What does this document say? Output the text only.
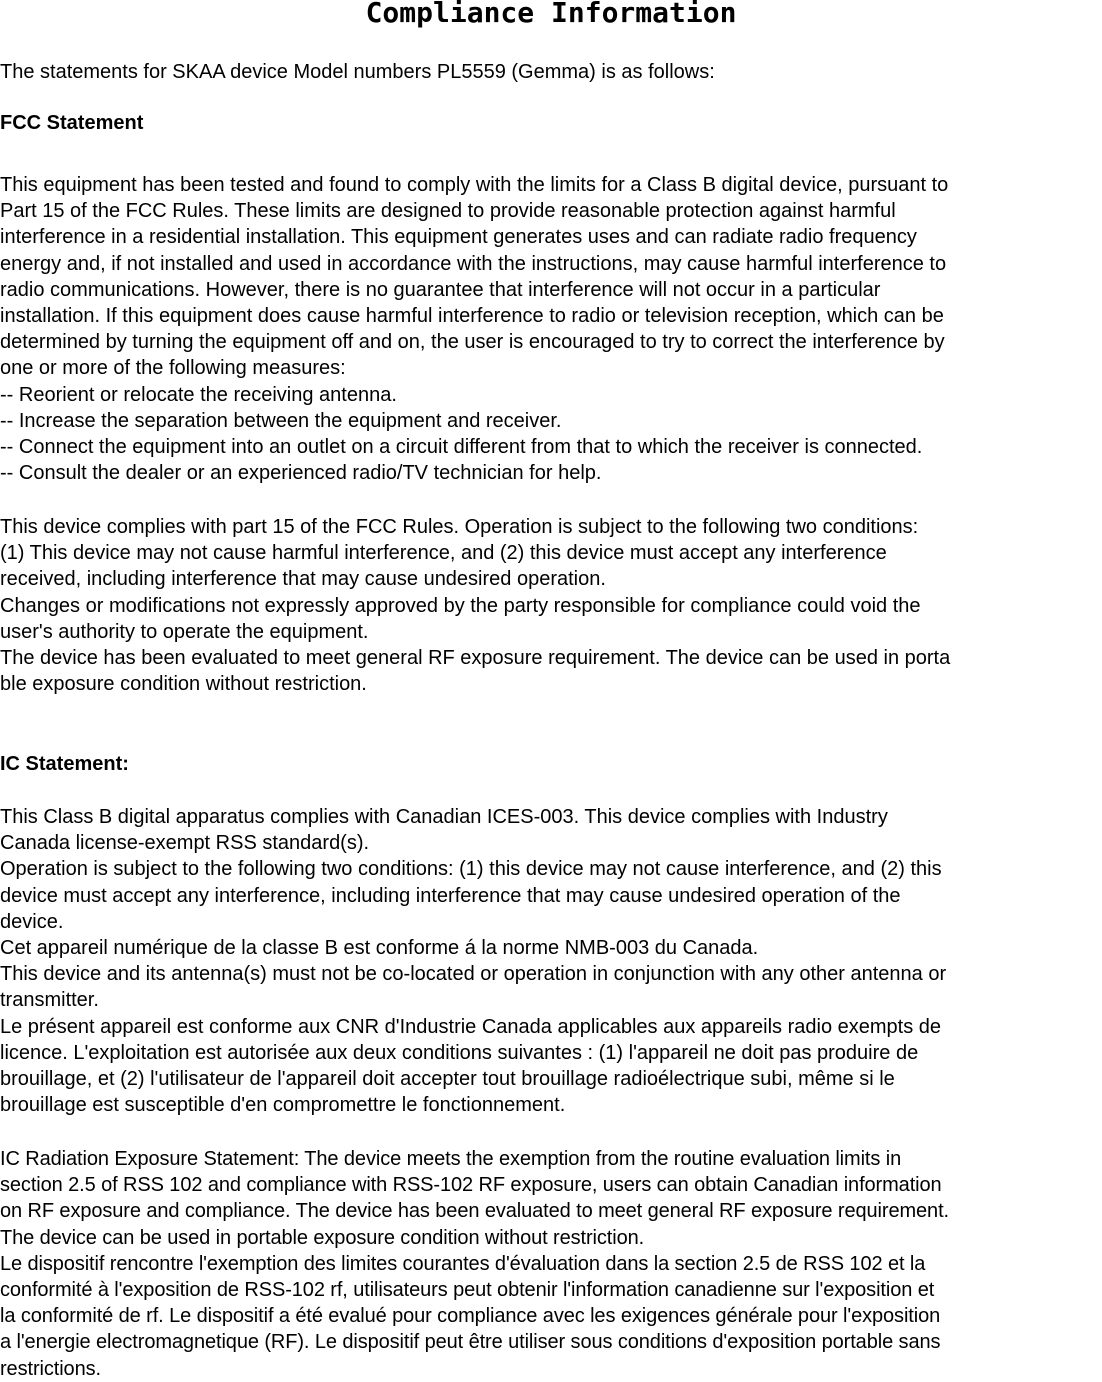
Compliance Information

The statements for SKAA device Model numbers PL5559 (Gemma) is as follows:

FCC Statement

This equipment has been tested and found to comply with the limits for a Class B digital device, pursuant to
Part 15 of the FCC Rules. These limits are designed to provide reasonable protection against harmful
interference in a residential installation. This equipment generates uses and can radiate radio frequency
energy and, if not installed and used in accordance with the instructions, may cause harmful interference to
radio communications. However, there is no guarantee that interference will not occur in a particular
installation. If this equipment does cause harmful interference to radio or television reception, which can be
determined by turning the equipment off and on, the user is encouraged to try to correct the interference by
one or more of the following measures:
-- Reorient or relocate the receiving antenna.
-- Increase the separation between the equipment and receiver.
-- Connect the equipment into an outlet on a circuit different from that to which the receiver is connected.
-- Consult the dealer or an experienced radio/TV technician for help.

This device complies with part 15 of the FCC Rules. Operation is subject to the following two conditions:
(1) This device may not cause harmful interference, and (2) this device must accept any interference
received, including interference that may cause undesired operation.
Changes or modifications not expressly approved by the party responsible for compliance could void the
user's authority to operate the equipment.
The device has been evaluated to meet general RF exposure requirement. The device can be used in porta
ble exposure condition without restriction.

IC Statement:

This Class B digital apparatus complies with Canadian ICES-003. This device complies with Industry
Canada license-exempt RSS standard(s).
Operation is subject to the following two conditions: (1) this device may not cause interference, and (2) this
device must accept any interference, including interference that may cause undesired operation of the
device.
Cet appareil numérique de la classe B est conforme á la norme NMB-003 du Canada.
This device and its antenna(s) must not be co-located or operation in conjunction with any other antenna or
transmitter.
Le présent appareil est conforme aux CNR d'Industrie Canada applicables aux appareils radio exempts de
licence. L'exploitation est autorisée aux deux conditions suivantes : (1) l'appareil ne doit pas produire de
brouillage, et (2) l'utilisateur de l'appareil doit accepter tout brouillage radioélectrique subi, même si le
brouillage est susceptible d'en compromettre le fonctionnement.

IC Radiation Exposure Statement: The device meets the exemption from the routine evaluation limits in
section 2.5 of RSS 102 and compliance with RSS-102 RF exposure, users can obtain Canadian information
on RF exposure and compliance. The device has been evaluated to meet general RF exposure requirement.
The device can be used in portable exposure condition without restriction.
Le dispositif rencontre l'exemption des limites courantes d'évaluation dans la section 2.5 de RSS 102 et la
conformité à l'exposition de RSS-102 rf, utilisateurs peut obtenir l'information canadienne sur l'exposition et
la conformité de rf. Le dispositif a été evalué pour compliance avec les exigences générale pour l'exposition
a l'energie electromagnetique (RF). Le dispositif peut être utiliser sous conditions d'exposition portable sans
restrictions.
